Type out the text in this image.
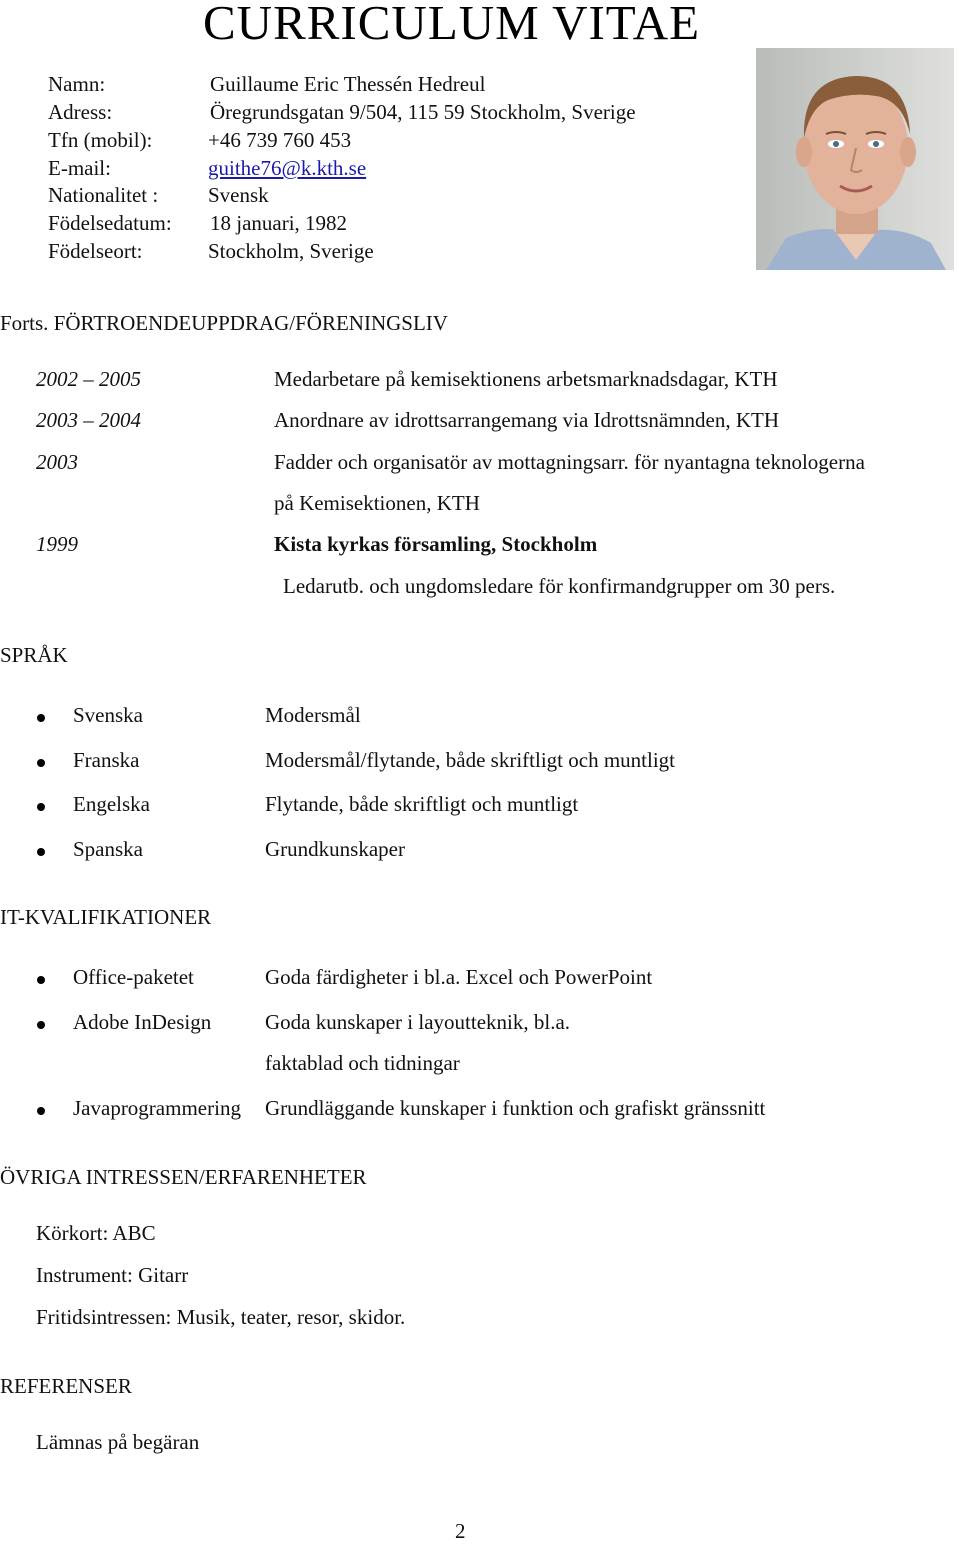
CURRICULUM VITAE
Namn:	Guillaume Eric Thessén Hedreul
Adress:	Öregrundsgatan 9/504, 115 59 Stockholm, Sverige
Tfn (mobil):	+46 739 760 453
E-mail:	guithe76@k.kth.se
Nationalitet : Svensk
Födelsedatum: 18 januari, 1982
Födelseort:	Stockholm, Sverige
Forts. FÖRTROENDEUPPDRAG/FÖRENINGSLIV
2002 – 2005	Medarbetare på kemisektionens arbetsmarknadsdagar, KTH
2003 – 2004	Anordnare av idrottsarrangemang via Idrottsnämnden, KTH
2003	Fadder och organisatör av mottagningsarr. för nyantagna teknologerna
på Kemisektionen, KTH
1999	Kista kyrkas församling, Stockholm
Ledarutb. och ungdomsledare för konfirmandgrupper om 30 pers.
SPRÅK
Svenska	Modersmål
Franska	Modersmål/flytande, både skriftligt och muntligt
Engelska	Flytande, både skriftligt och muntligt
Spanska	Grundkunskaper
IT-KVALIFIKATIONER
Office-paketet	Goda färdigheter i bl.a. Excel och PowerPoint
Adobe InDesign	Goda kunskaper i layoutteknik, bl.a.
faktablad och tidningar
Javaprogrammering Grundläggande kunskaper i funktion och grafiskt gränssnitt
ÖVRIGA INTRESSEN/ERFARENHETER
Körkort: ABC
Instrument: Gitarr
Fritidsintressen: Musik, teater, resor, skidor.
REFERENSER
Lämnas på begäran
2
